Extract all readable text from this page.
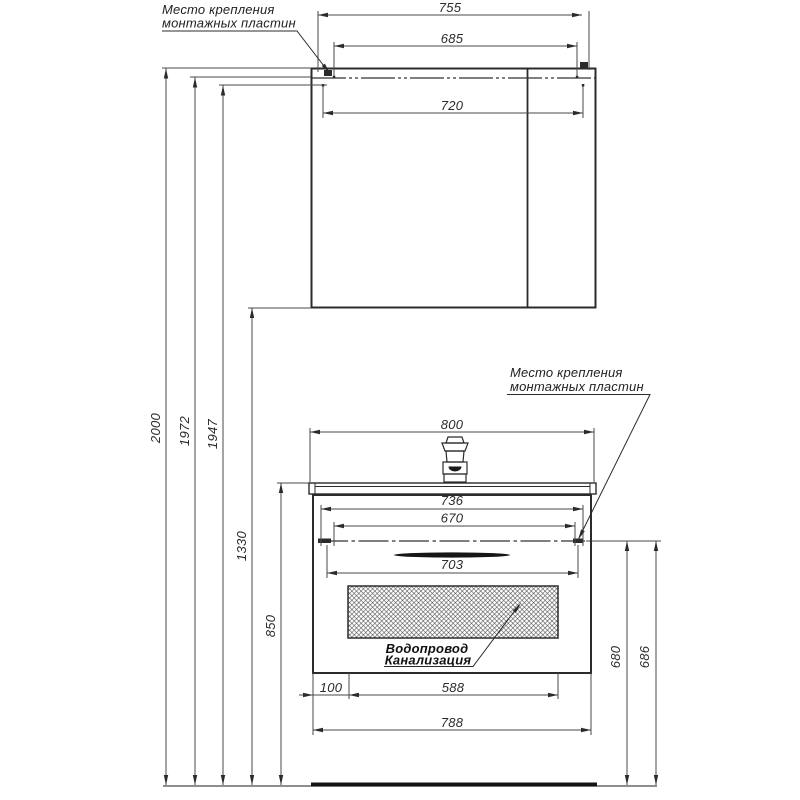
755
685
720
2000 1972 1947
1330
850
680 686
800
736
670
703
100	588
788
Место крепления
монтажных пластин
Место крепления
монтажных пластин
Водопровод
Канализация
